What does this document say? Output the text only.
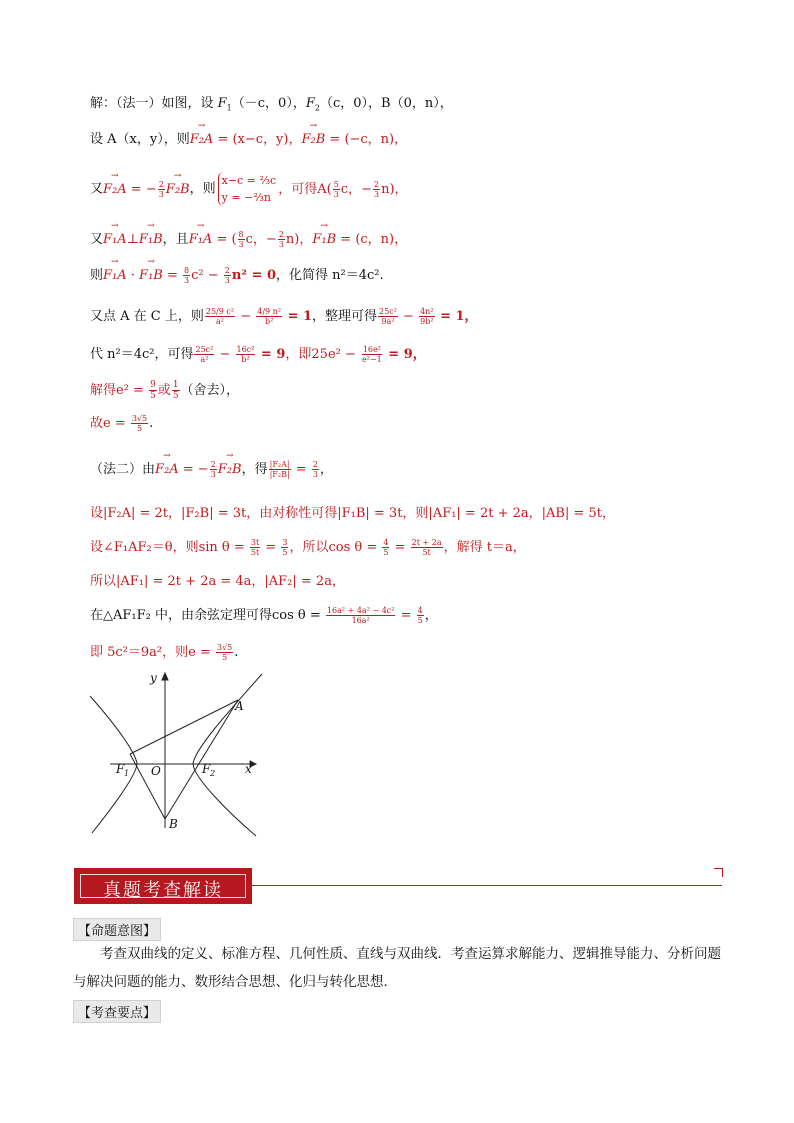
解：（法一）如图，设 $F_1(-c$，0），$F_2(c$，0），B（0，n），
设 A（x，y），则→ F₂A = (x−c，y)，→ F₂B = (−c，n)，
又→ F₂A = − $\frac{2}{3}$
→ F₂B，则
x−c = ⅔c
y = −⅔n
，可得$A( \frac{5}{3}$ c，− $\frac{2}{3} n$)，
又→ F₁A⊥→ F₁B，且→ F₁A = ( $\frac{8}{3}$ c，− $\frac{2}{3} n$)，→ F₁B = (c，n)，
则→ F₁A · → $F_1B = \frac{8}{3} c^2 - \frac{2}{3} n^2 = 0$，化简得 n²＝4c².
又点 A 在 C 上，则 $\frac{\text{25/9 c²}}{\text{a²}} - \frac{\text{4/9 n²}}{\text{b²}} = 1$，整理可得 $\frac{\text{25c²}}{\text{9a²}} - \frac{\text{4n²}}{\text{9b²}} = 1$，
代 n²＝4c²，可得 $\frac{\text{25c²}}{\text{a²}} - \frac{\text{16c²}}{\text{b²}} = 9$，即$25e^2 - \frac{\text{16e²}}{\text{e²−1}} = 9$，
解得$e^2 = \frac{9}{5}$ 或 $\frac{1}{5}$ （舍去），
故$e = \frac{3√5}{5}$ .
（法二）由→ F₂A = − $\frac{2}{3}$
→ F₂B，得 $\frac{\text{|F₂A|}}{\text{|F₂B|}} = \frac{2}{3}$ ，
设|F₂A| = 2t，|F₂B| = 3t，由对称性可得|F₁B| = 3t，则|AF₁| = 2t + 2a，|AB| = 5t，
设∠F₁AF₂＝θ，则$\sin \theta = \frac{3t}{5t} = \frac{3}{5}$ ，所以$\cos \theta = \frac{4}{5} = \frac{2t + 2a}{5t}$ ，解得 t＝a，
所以|AF₁| = 2t + 2a = 4a，|AF₂| = 2a，
在△AF₁F₂ 中，由余弦定理可得$\cos \theta = \frac{\text{16a² + 4a² − 4c²}}{\text{16a²}} = \frac{4}{5}$ ，
即 5c²＝9a²，则$e = \frac{3√5}{5}$ .
y
x
A
B
O
F 1	F 2
真题考查解读
【命题意图】
考查双曲线的定义、标准方程、几何性质、直线与双曲线．考查运算求解能力、逻辑推导能力、分析问题与解决问题的能力、数形结合思想、化归与转化思想．
【考查要点】
